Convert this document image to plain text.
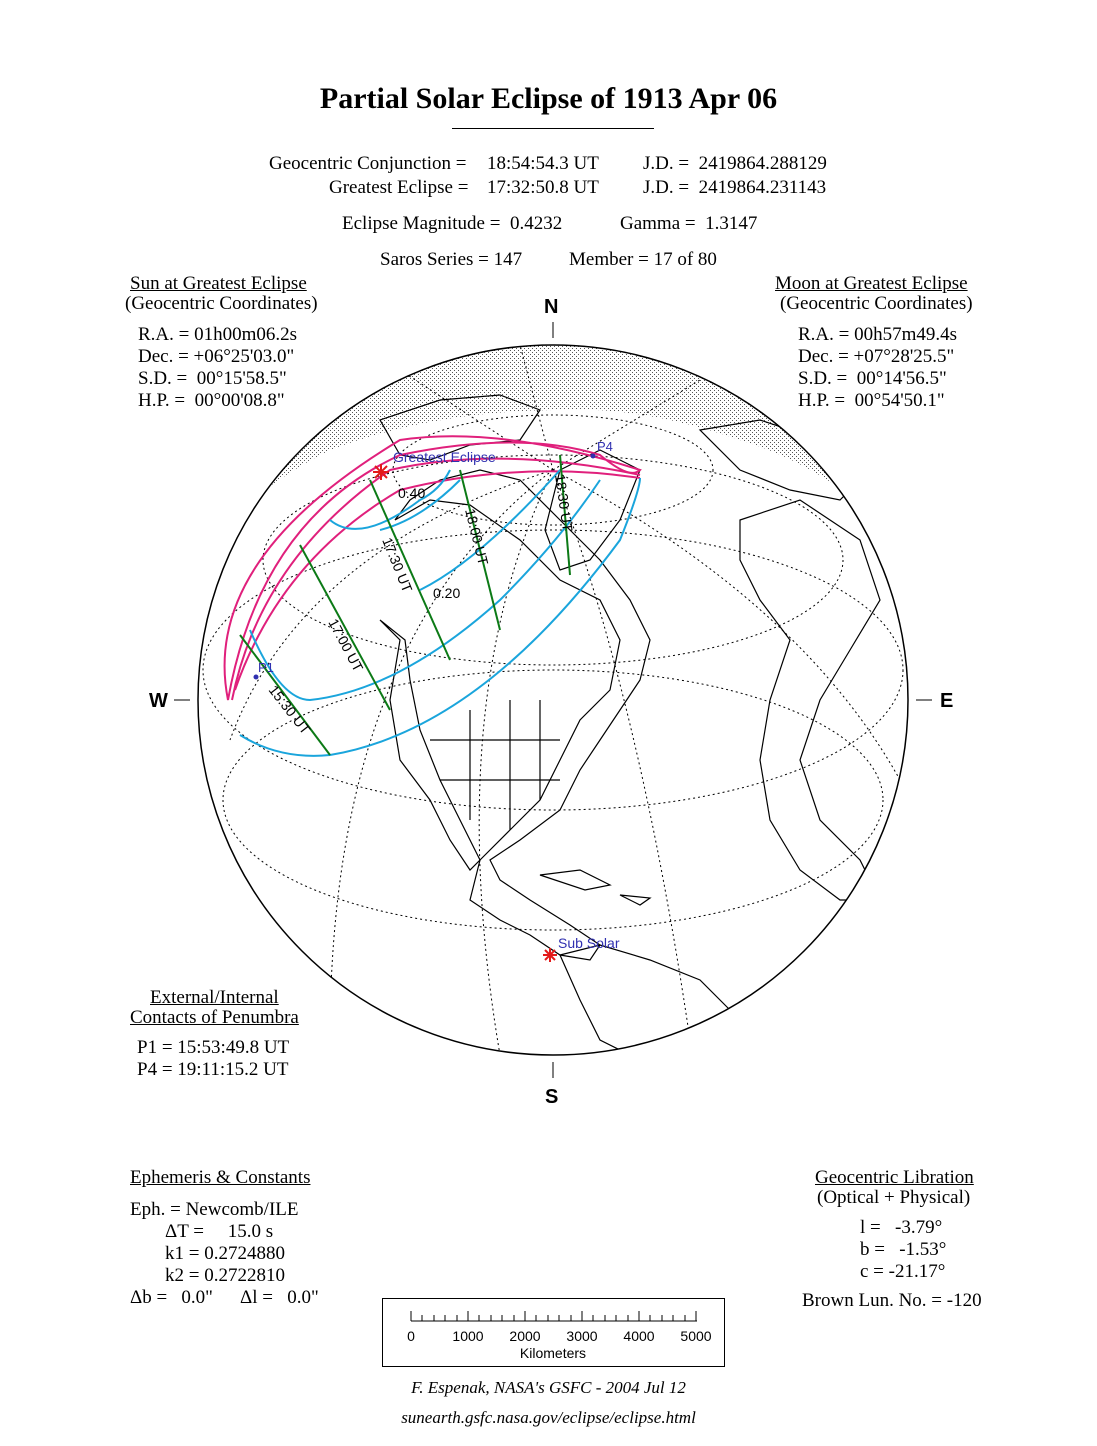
Partial Solar Eclipse of 1913 Apr 06
Geocentric Conjunction = 18:54:54.3 UT J.D. =  2419864.288129
Greatest Eclipse = 17:32:50.8 UT J.D. =  2419864.231143
Eclipse Magnitude =  0.4232	Gamma =  1.3147
Saros Series = 147 Member = 17 of 80
Sun at Greatest Eclipse
(Geocentric Coordinates)
R.A. = 01h00m06.2s
Dec. = +06°25'03.0"
S.D. =  00°15'58.5"
H.P. =  00°00'08.8"
Moon at Greatest Eclipse
(Geocentric Coordinates)
R.A. = 00h57m49.4s
Dec. = +07°28'25.5"
S.D. =  00°14'56.5"
H.P. =  00°54'50.1"
Greatest Eclipse
Sub Solar
P1
P4
0.40
0.20
15:30 UT
17:00 UT
17:30 UT	18:00 UT
18:30 UT
N
S
W	E
External/Internal
Contacts of Penumbra
P1 = 15:53:49.8 UT
P4 = 19:11:15.2 UT
Ephemeris & Constants
Eph. = Newcomb/ILE
ΔT =     15.0 s
k1 = 0.2724880
k2 = 0.2722810
Δb =   0.0" Δl =   0.0"
Geocentric Libration
(Optical + Physical)
l =   -3.79°
b =   -1.53°
c = -21.17°
Brown Lun. No. = -120
0	1000 2000 3000 4000 5000
Kilometers
F. Espenak, NASA's GSFC - 2004 Jul 12
sunearth.gsfc.nasa.gov/eclipse/eclipse.html
